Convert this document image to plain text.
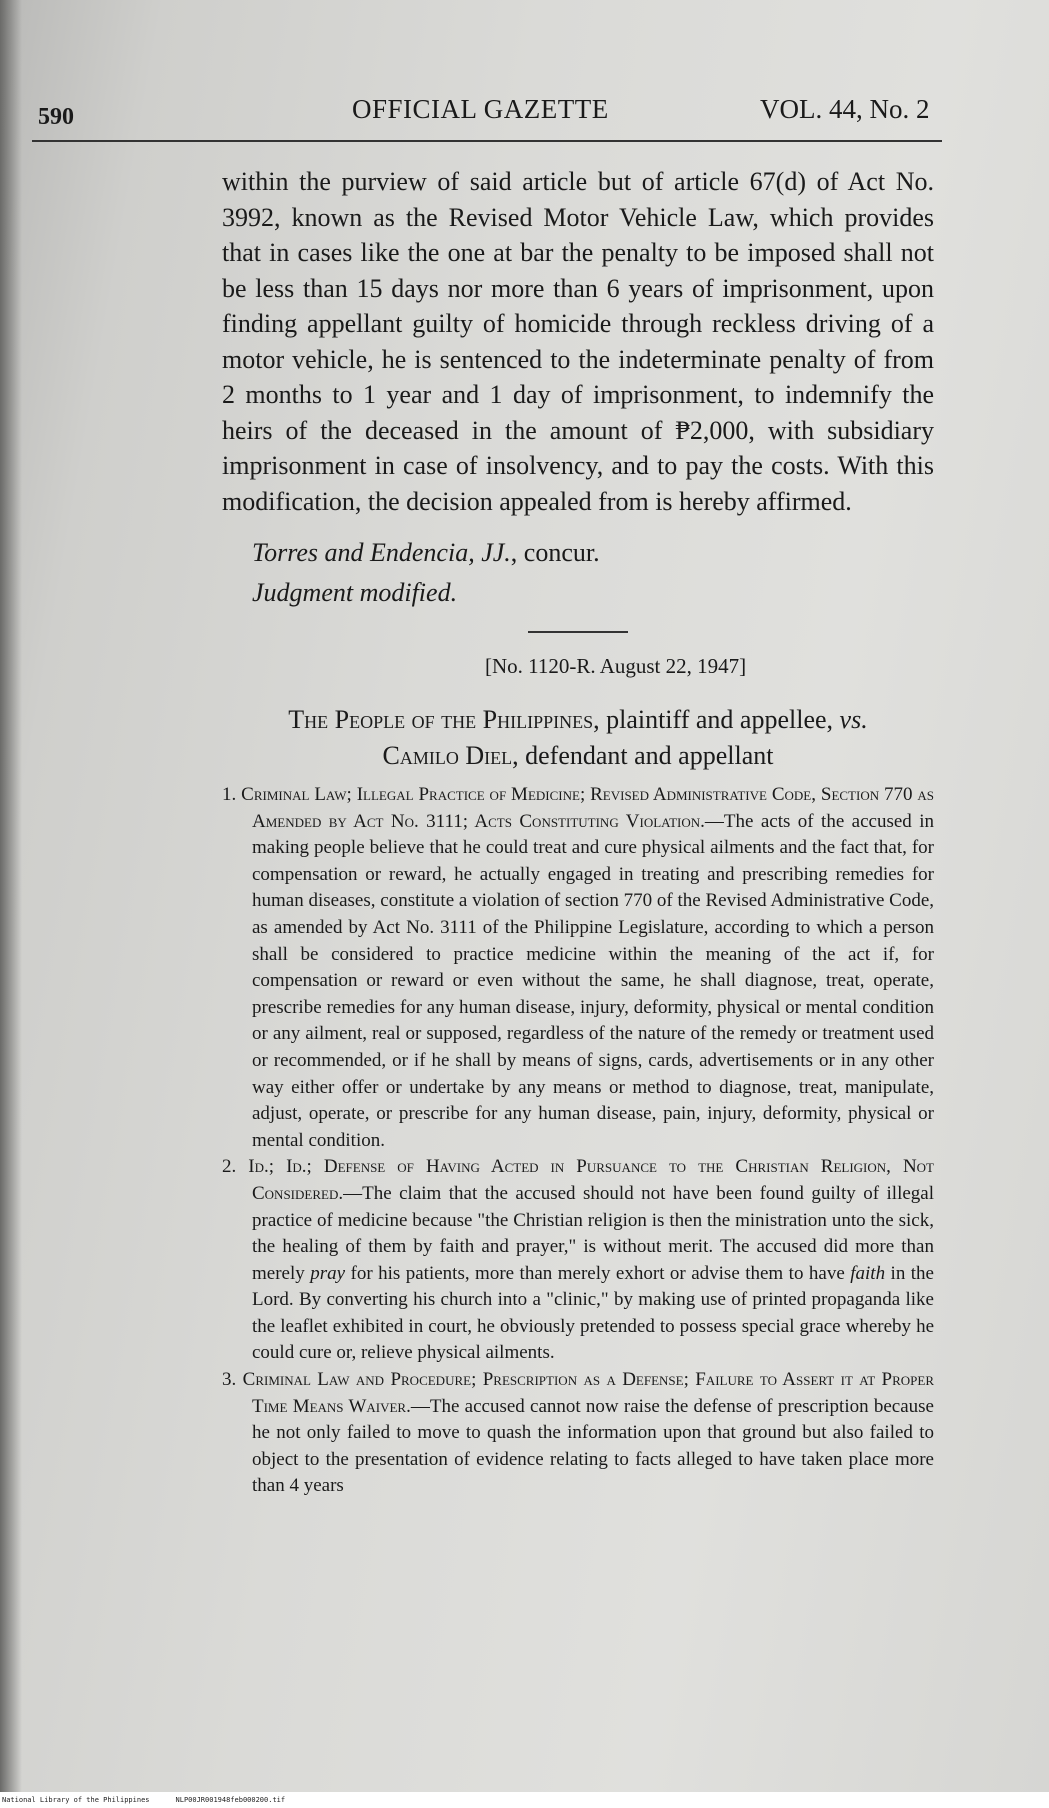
590	OFFICIAL GAZETTE	VOL. 44, No. 2

within the purview of said article but of article 67(d) of Act No. 3992, known as the Revised Motor Vehicle Law, which provides that in cases like the one at bar the penalty to be imposed shall not be less than 15 days nor more than 6 years of imprisonment, upon finding appellant guilty of homicide through reckless driving of a motor vehicle, he is sentenced to the indeterminate penalty of from 2 months to 1 year and 1 day of imprisonment, to indemnify the heirs of the deceased in the amount of ₱2,000, with subsidiary imprisonment in case of insolvency, and to pay the costs. With this modification, the decision appealed from is hereby affirmed.

Torres and Endencia, JJ., concur.
Judgment modified.
[No. 1120-R. August 22, 1947]
The People of the Philippines, plaintiff and appellee, vs.
Camilo Diel, defendant and appellant

1. Criminal Law; Illegal Practice of Medicine; Revised Administrative Code, Section 770 as Amended by Act No. 3111; Acts Constituting Violation.—The acts of the accused in making people believe that he could treat and cure physical ailments and the fact that, for compensation or reward, he actually engaged in treating and prescribing remedies for human diseases, constitute a violation of section 770 of the Revised Administrative Code, as amended by Act No. 3111 of the Philippine Legislature, according to which a person shall be considered to practice medicine within the meaning of the act if, for compensation or reward or even without the same, he shall diagnose, treat, operate, prescribe remedies for any human disease, injury, deformity, physical or mental condition or any ailment, real or supposed, regardless of the nature of the remedy or treatment used or recommended, or if he shall by means of signs, cards, advertisements or in any other way either offer or undertake by any means or method to diagnose, treat, manipulate, adjust, operate, or prescribe for any human disease, pain, injury, deformity, physical or mental condition.

2. Id.; Id.; Defense of Having Acted in Pursuance to the Christian Religion, Not Considered.—The claim that the accused should not have been found guilty of illegal practice of medicine because "the Christian religion is then the ministration unto the sick, the healing of them by faith and prayer," is without merit. The accused did more than merely pray for his patients, more than merely exhort or advise them to have faith in the Lord. By converting his church into a "clinic," by making use of printed propaganda like the leaflet exhibited in court, he obviously pretended to possess special grace whereby he could cure or, relieve physical ailments.

3. Criminal Law and Procedure; Prescription as a Defense; Failure to Assert it at Proper Time Means Waiver.—The accused cannot now raise the defense of prescription because he not only failed to move to quash the information upon that ground but also failed to object to the presentation of evidence relating to facts alleged to have taken place more than 4 years

National Library of the Philippines	NLP00JR001948feb000200.tif
